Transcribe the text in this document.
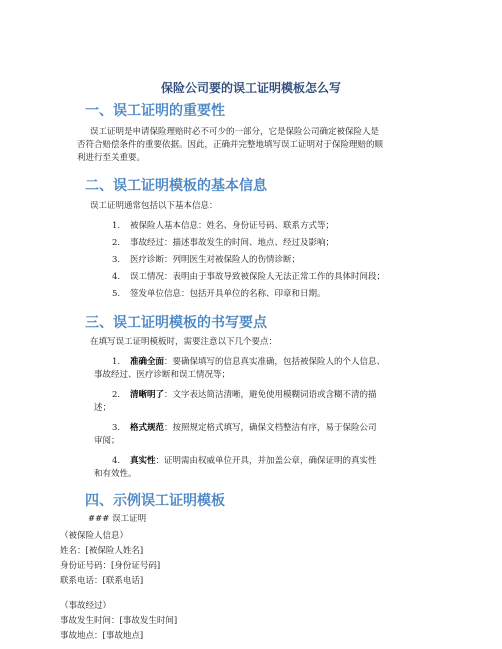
保险公司要的误工证明模板怎么写
一、误工证明的重要性
误工证明是申请保险理赔时必不可少的一部分，它是保险公司确定被保险人是
否符合赔偿条件的重要依据。因此，正确并完整地填写误工证明对于保险理赔的顺
利进行至关重要。
二、误工证明模板的基本信息
误工证明通常包括以下基本信息：
1. 被保险人基本信息：姓名、身份证号码、联系方式等；
2. 事故经过：描述事故发生的时间、地点、经过及影响；
3. 医疗诊断：列明医生对被保险人的伤情诊断；
4. 误工情况：表明由于事故导致被保险人无法正常工作的具体时间段；
5. 签发单位信息：包括开具单位的名称、印章和日期。
三、误工证明模板的书写要点
在填写误工证明模板时，需要注意以下几个要点：
1. 准确全面：要确保填写的信息真实准确，包括被保险人的个人信息、
事故经过、医疗诊断和误工情况等；
2. 清晰明了：文字表达简洁清晰，避免使用模糊词语或含糊不清的描
述；
3. 格式规范：按照规定格式填写，确保文档整洁有序，易于保险公司
审阅；
4. 真实性：证明需由权威单位开具，并加盖公章，确保证明的真实性
和有效性。
四、示例误工证明模板
### 误工证明
（被保险人信息）
姓名：[被保险人姓名]
身份证号码：[身份证号码]
联系电话：[联系电话]
（事故经过）
事故发生时间：[事故发生时间]
事故地点：[事故地点]
